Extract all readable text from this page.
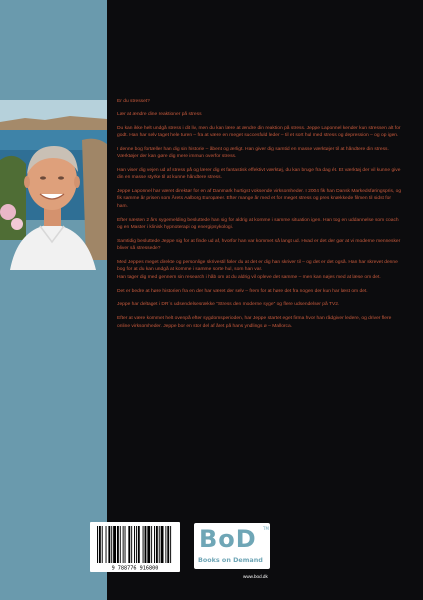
Er du stresset?

Lær at ændre dine reaktioner på stress

Du kan ikke helt undgå stress i dit liv, men du kan lære at ændre din reaktion på stress. Jeppe Laponnel kender kun stressen alt for godt. Han har selv taget hele turen – fra at være en meget succesfuld leder – til et sort hul med stress og depression – og op igen.

I denne bog fortæller han dig sin historie – åbent og ærligt. Han giver dig samtid en masse værktøjer til at håndtere din stress. Værktøjer der kan gøre dig mere immun overfor stress.

Han viser dig vejen ud af stress på og lærer dig et fantastisk effektivt værktøj, du kan bruge fra dag ét. Et værktøj der vil kunne give din en masse styrke til at kunne håndtere stress.

Jeppe Laponnel har været direktør for en af Danmark hurtigst voksende virksomheder. I 2004 fik han Dansk Markedsføringspris, og fik samme år prisen som Årets Aalborg Europæer. Efter mange år med et for meget stress og pres knækkede filmen til sidst for ham.

Efter næsten 2 års sygemelding besluttede han sig for aldrig at komme i samme situation igen. Han tog en uddannelse som coach og en Master i klinisk hypnoterapi og energipsykologi.

Samtidig besluttede Jeppe sig for at finde ud af, hvorfor han var kommet så langt ud. Hvad er det der gør at vi moderne mennesker bliver så stressede?

Med Jeppes meget direkte og personlige skrivestil føler du at det er dig han skriver til – og det er det også. Han har skrevet denne bog for at du kan undgå at komme i samme sorte hul, som han var.
Han tager dig med gennem sin research i håb om at du aldrig vil opleve det samme – men kan nøjes med at læse om det.

Det er bedre at høre historien fra en der har været der selv – frem for at høre det fra nogen der kun har læst om det.

Jeppe har deltaget i DR´s udsendelsesrække ”Stress den moderne syge” og flere udsendelser på TV2.

Efter at være kommet helt ovenpå efter sygdomsperioden, har Jeppe startet eget firma hvor han rådgiver ledere, og driver flere online virksomheder. Jeppe bor en stor del af året på hans yndlings ø – Mallorca.

9 788776 916800
BoD TM
Books on Demand
www.bod.dk
